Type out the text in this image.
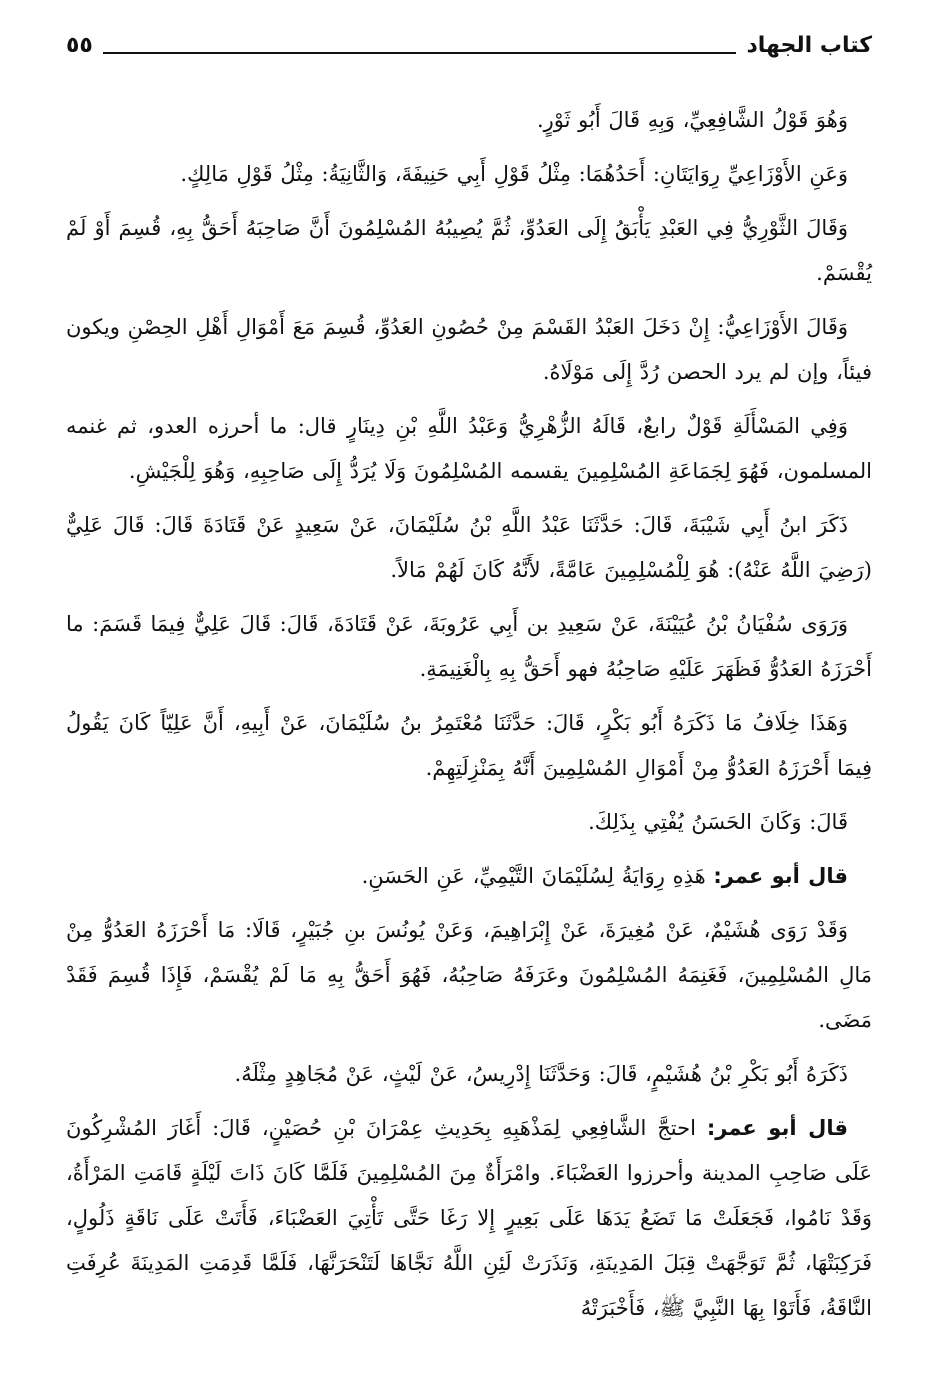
كتاب الجهاد
٥٥

وَهُوَ قَوْلُ الشَّافِعِيِّ، وَبِهِ قَالَ أَبُو ثَوْرٍ.

وَعَنِ الأَوْزَاعِيِّ رِوَايَتَانِ: أَحَدُهُمَا: مِثْلُ قَوْلِ أَبِي حَنِيفَةَ، وَالثَّانِيَةُ: مِثْلُ قَوْلِ مَالِكٍ.

وَقَالَ الثَّوْرِيُّ فِي العَبْدِ يَأْبَقُ إِلَى العَدُوِّ، ثُمَّ يُصِيبُهُ المُسْلِمُونَ أَنَّ صَاحِبَهُ أَحَقُّ بِهِ، قُسِمَ أَوْ لَمْ يُقْسَمْ.

وَقَالَ الأَوْزَاعِيُّ: إِنْ دَخَلَ العَبْدُ القَسْمَ مِنْ حُصُونِ العَدُوِّ، قُسِمَ مَعَ أَمْوَالِ أَهْلِ الحِصْنِ ويكون فيئاً، وإن لم يرد الحصن رُدَّ إِلَى مَوْلَاهُ.

وَفِي المَسْأَلَةِ قَوْلٌ رابعٌ، قَالَهُ الزُّهْرِيُّ وَعَبْدُ اللَّهِ بْنِ دِينَارٍ قال: ما أحرزه العدو، ثم غنمه المسلمون، فَهُوَ لِجَمَاعَةِ المُسْلِمِينَ يقسمه المُسْلِمُونَ وَلَا يُرَدُّ إِلَى صَاحِبِهِ، وَهُوَ لِلْجَيْشِ.

ذَكَرَ ابنُ أَبِي شَيْبَةَ، قَالَ: حَدَّثَنَا عَبْدُ اللَّهِ بْنُ سُلَيْمَانَ، عَنْ سَعِيدٍ عَنْ قَتَادَةَ قَالَ: قَالَ عَلِيٌّ (رَضِيَ اللَّهُ عَنْهُ): هُوَ لِلْمُسْلِمِينَ عَامَّةً، لأَنَّهُ كَانَ لَهُمْ مَالاً.

وَرَوَى سُفْيَانُ بْنُ عُيَيْنَةَ، عَنْ سَعِيدِ بن أَبِي عَرُوبَةَ، عَنْ قَتَادَةَ، قَالَ: قَالَ عَلِيٌّ فِيمَا قَسَمَ: ما أَحْرَزَهُ العَدُوُّ فَظَهَرَ عَلَيْهِ صَاحِبُهُ فهو أَحَقُّ بِهِ بِالْغَنِيمَةِ.

وَهَذَا خِلَافُ مَا ذَكَرَهُ أَبُو بَكْرٍ، قَالَ: حَدَّثَنَا مُعْتَمِرُ بنُ سُلَيْمَانَ، عَنْ أَبِيهِ، أَنَّ عَلِيّاً كَانَ يَقُولُ فِيمَا أَحْرَزَهُ العَدُوُّ مِنْ أَمْوَالِ المُسْلِمِينَ أَنَّهُ بِمَنْزِلَتِهِمْ.

قَالَ: وَكَانَ الحَسَنُ يُفْتِي بِذَلِكَ.

قال أبو عمر: هَذِهِ رِوَايَةُ لِسُلَيْمَانَ التَّيْمِيِّ، عَنِ الحَسَنِ.

وَقَدْ رَوَى هُشَيْمٌ، عَنْ مُغِيرَةَ، عَنْ إِبْرَاهِيمَ، وَعَنْ يُونُسَ بنِ جُبَيْرٍ، قَالَا: مَا أَحْرَزَهُ العَدُوُّ مِنْ مَالِ المُسْلِمِينَ، فَغَنِمَهُ المُسْلِمُونَ وعَرَفَهُ صَاحِبُهُ، فَهُوَ أَحَقُّ بِهِ مَا لَمْ يُقْسَمْ، فَإِذَا قُسِمَ فَقَدْ مَضَى.

ذَكَرَهُ أَبُو بَكْرِ بْنُ هُشَيْمٍ، قَالَ: وَحَدَّثَنَا إِدْرِيسُ، عَنْ لَيْثٍ، عَنْ مُجَاهِدٍ مِثْلَهُ.

قال أبو عمر: احتجَّ الشَّافِعِي لِمَذْهَبِهِ بِحَدِيثِ عِمْرَانَ بْنِ حُصَيْنٍ، قَالَ: أَغَارَ المُشْرِكُونَ عَلَى صَاحِبِ المدينة وأحرزوا العَضْبَاءَ. وامْرَأَةٌ مِنَ المُسْلِمِينَ فَلَمَّا كَانَ ذَاتَ لَيْلَةٍ قَامَتِ المَرْأَةُ، وَقَدْ نَامُوا، فَجَعَلَتْ مَا تَضَعُ يَدَهَا عَلَى بَعِيرٍ إِلا رَغَا حَتَّى تَأْتِيَ العَضْبَاءَ، فَأَتَتْ عَلَى نَاقَةٍ ذَلُولٍ، فَرَكِبَتْهَا، ثُمَّ تَوَجَّهَتْ قِبَلَ المَدِينَةِ، وَنَذَرَتْ لَئِنِ اللَّهُ نَجَّاهَا لَتَنْحَرَنَّهَا، فَلَمَّا قَدِمَتِ المَدِينَةَ عُرِفَتِ النَّاقَةُ، فَأَتَوْا بِهَا النَّبِيَّ ﷺ، فَأَخْبَرَتْهُ
